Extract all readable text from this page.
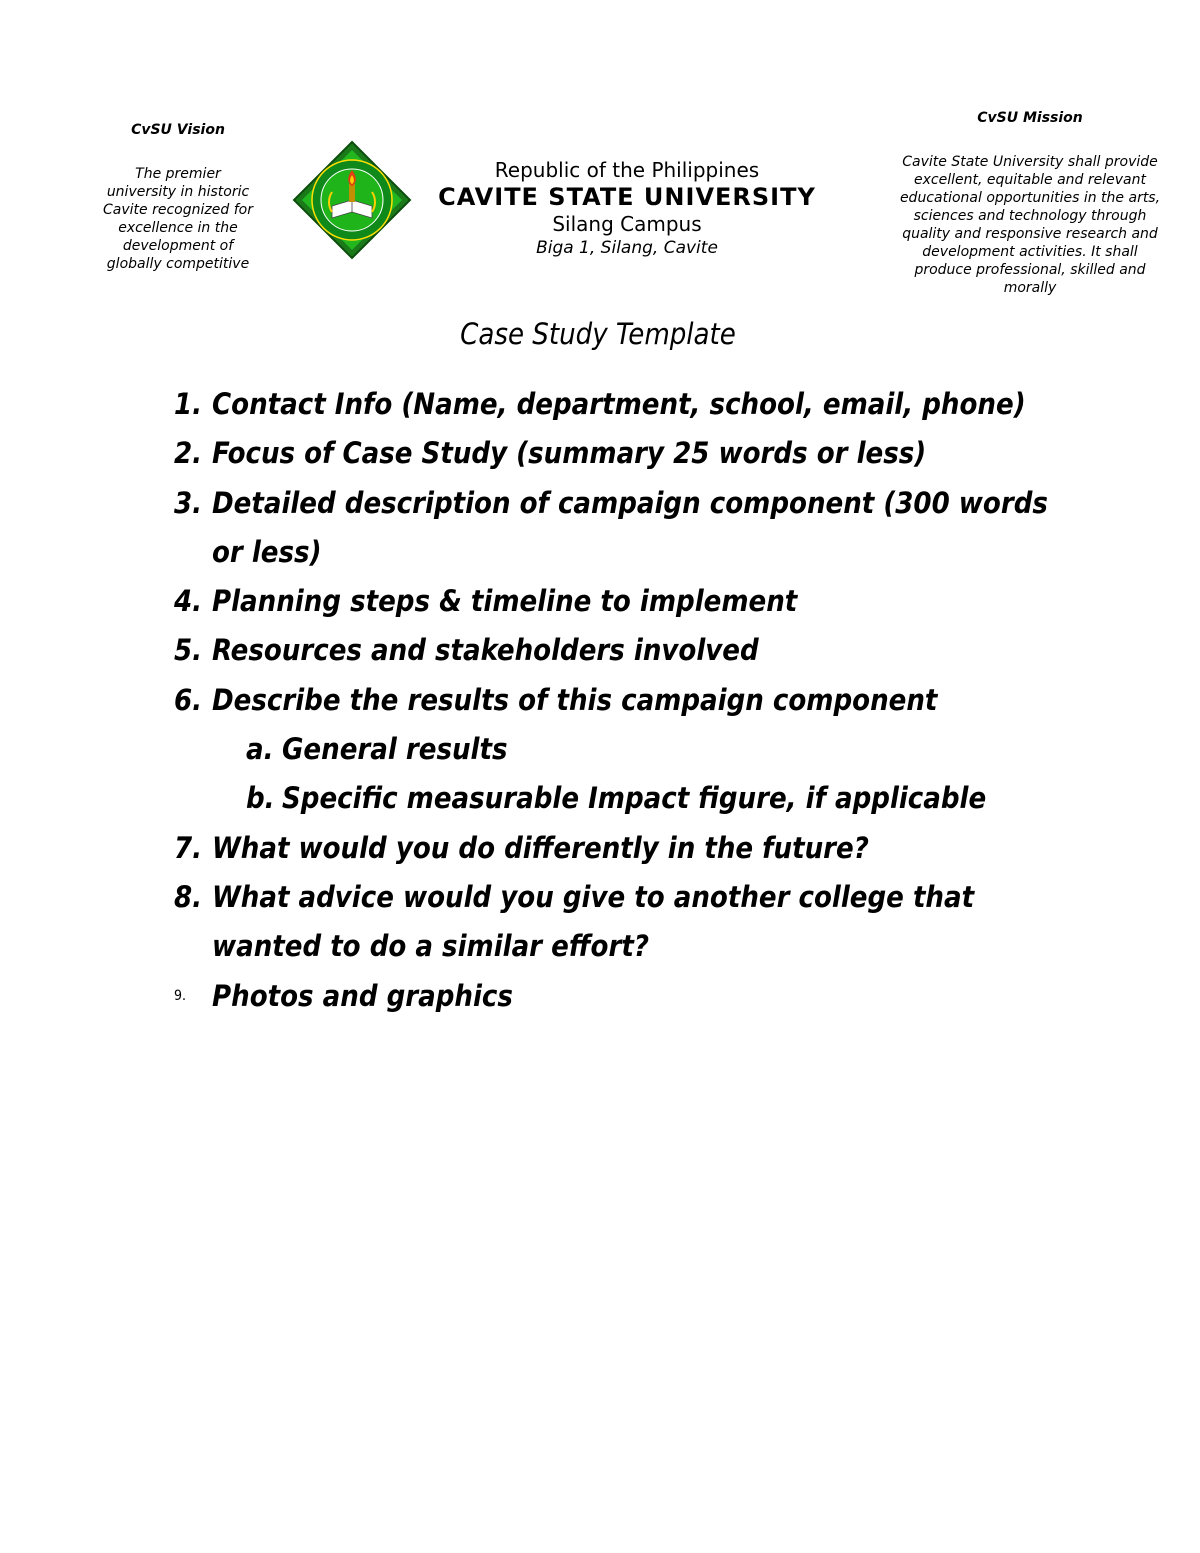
CvSU Vision
The premier university in historic Cavite recognized for excellence in the development of globally competitive
Republic of the Philippines
CAVITE STATE UNIVERSITY
Silang Campus
Biga 1, Silang, Cavite
CvSU Mission
Cavite State University shall provide excellent, equitable and relevant educational opportunities in the arts, sciences and technology through quality and responsive research and development activities. It shall produce professional, skilled and morally
Case Study Template
1. Contact Info (Name, department, school, email, phone)
2. Focus of Case Study (summary 25 words or less)
3. Detailed description of campaign component (300 words or less)
4. Planning steps & timeline to implement
5. Resources and stakeholders involved
6. Describe the results of this campaign component
a. General results
b. Specific measurable Impact figure, if applicable
7. What would you do differently in the future?
8. What advice would you give to another college that wanted to do a similar effort?
9. Photos and graphics
